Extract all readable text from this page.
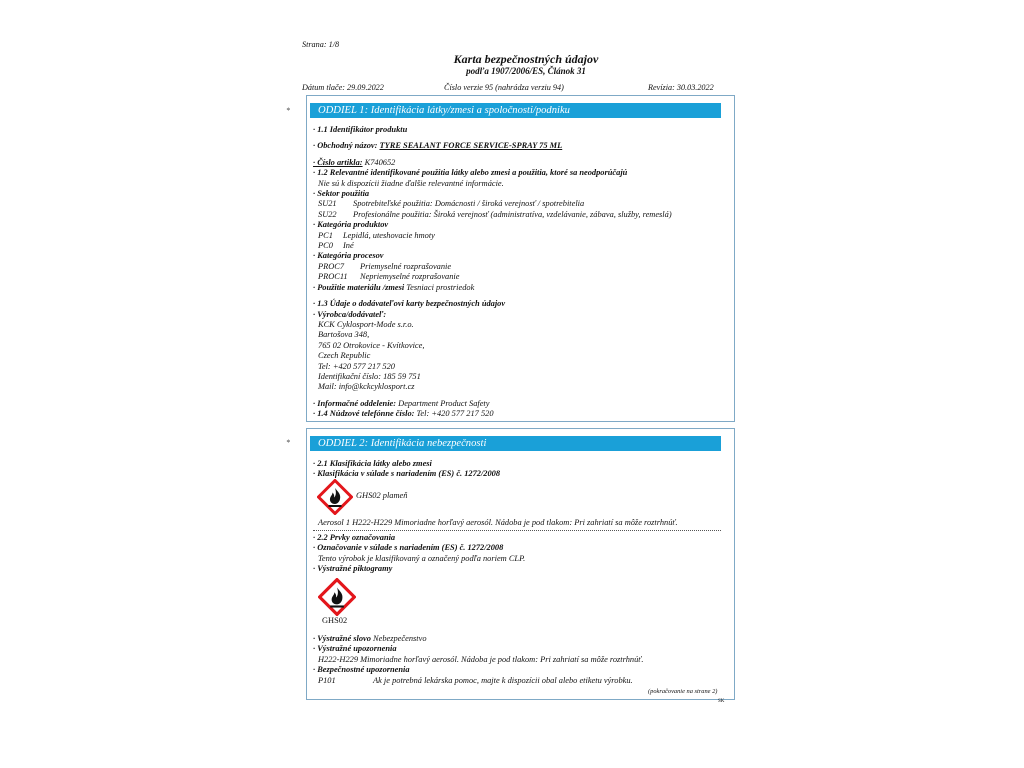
Strana: 1/8
Karta bezpečnostných údajov
podľa 1907/2006/ES, Článok 31
Dátum tlače: 29.09.2022	Číslo verzie 95 (nahrádza verziu 94)	Revízia: 30.03.2022
*	ODDIEL 1: Identifikácia látky/zmesi a spoločnosti/podniku
· 1.1 Identifikátor produktu
· Obchodný názov: TYRE SEALANT FORCE SERVICE-SPRAY 75 ML
· Číslo artikla: K740652
· 1.2 Relevantné identifikované použitia látky alebo zmesi a použitia, ktoré sa neodporúčajú
Nie sú k dispozícii žiadne ďalšie relevantné informácie.
· Sektor použitia
SU21 Spotrebiteľské použitia: Domácnosti / široká verejnosť / spotrebitelia
SU22 Profesionálne použitia: Široká verejnosť (administratíva, vzdelávanie, zábava, služby, remeslá)
· Kategória produktov
PC1 Lepidlá, uteshovacie hmoty
PC0 Iné
· Kategória procesov
PROC7 Priemyselné rozprašovanie
PROC11 Nepriemyselné rozprašovanie
· Použitie materiálu /zmesi Tesniaci prostriedok
· 1.3 Údaje o dodávateľovi karty bezpečnostných údajov
· Výrobca/dodávateľ:
KCK Cyklosport-Mode s.r.o.
Bartošova 348,
765 02 Otrokovice - Kvítkovice,
Czech Republic
Tel: +420 577 217 520
Identifikační číslo: 185 59 751
Mail: info@kckcyklosport.cz
· Informačné oddelenie: Department Product Safety
· 1.4 Núdzové telefónne číslo: Tel: +420 577 217 520
*	ODDIEL 2: Identifikácia nebezpečnosti
· 2.1 Klasifikácia látky alebo zmesi
· Klasifikácia v súlade s nariadením (ES) č. 1272/2008
GHS02 plameň
Aerosol 1 H222-H229 Mimoriadne horľavý aerosól. Nádoba je pod tlakom: Pri zahriatí sa môže roztrhnúť.
· 2.2 Prvky označovania
· Označovanie v súlade s nariadením (ES) č. 1272/2008
Tento výrobok je klasifikovaný a označený podľa noriem CLP.
· Výstražné piktogramy
GHS02
· Výstražné slovo Nebezpečenstvo
· Výstražné upozornenia
H222-H229 Mimoriadne horľavý aerosól. Nádoba je pod tlakom: Pri zahriatí sa môže roztrhnúť.
· Bezpečnostné upozornenia
P101	Ak je potrebná lekárska pomoc, majte k dispozícii obal alebo etiketu výrobku.
(pokračovanie na strane 2)
SK
